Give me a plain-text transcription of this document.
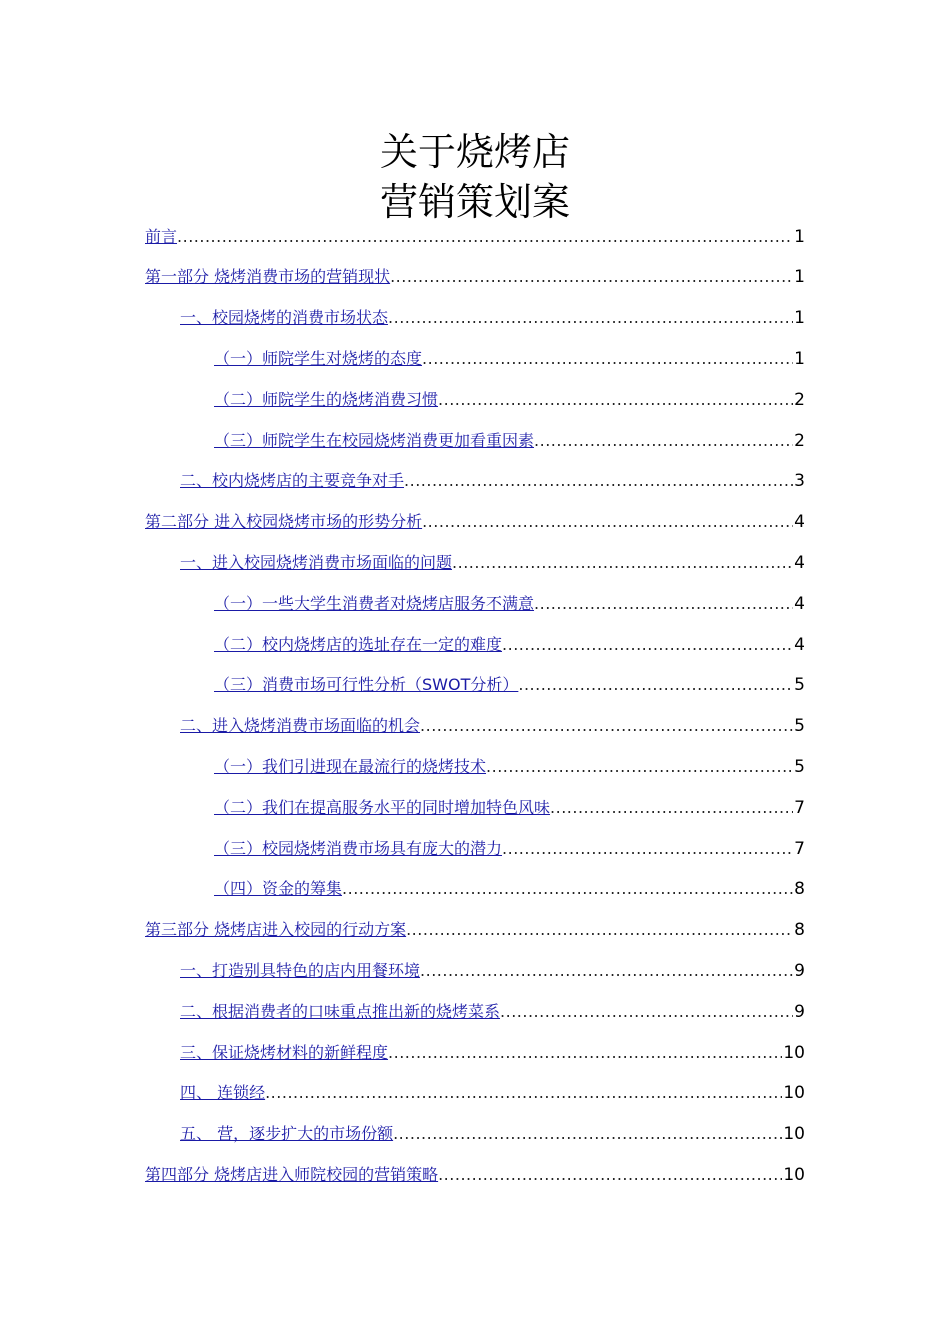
关于烧烤店
营销策划案
前言 .....	1
第一部分 烧烤消费市场的营销现状 .....	1
一、校园烧烤的消费市场状态 .....	1
（一）师院学生对烧烤的态度 .....	1
（二）师院学生的烧烤消费习惯 .....	2
（三）师院学生在校园烧烤消费更加看重因素 .....	2
二、校内烧烤店的主要竞争对手 .....	3
第二部分 进入校园烧烤市场的形势分析 .....	4
一、进入校园烧烤消费市场面临的问题 .....	4
（一）一些大学生消费者对烧烤店服务不满意 .....	4
（二）校内烧烤店的选址存在一定的难度 .....	4
（三）消费市场可行性分析（SWOT分析） .....	5
二、进入烧烤消费市场面临的机会 .....	5
（一）我们引进现在最流行的烧烤技术 .....	5
（二）我们在提高服务水平的同时增加特色风味 .....	7
（三）校园烧烤消费市场具有庞大的潜力 .....	7
（四）资金的筹集 .....	8
第三部分 烧烤店进入校园的行动方案 .....	8
一、打造别具特色的店内用餐环境 .....	9
二、根据消费者的口味重点推出新的烧烤菜系 .....	9
三、保证烧烤材料的新鲜程度 .....	10
四、 连锁经 .....	10
五、 营，逐步扩大的市场份额 .....	10
第四部分 烧烤店进入师院校园的营销策略 .....	10
